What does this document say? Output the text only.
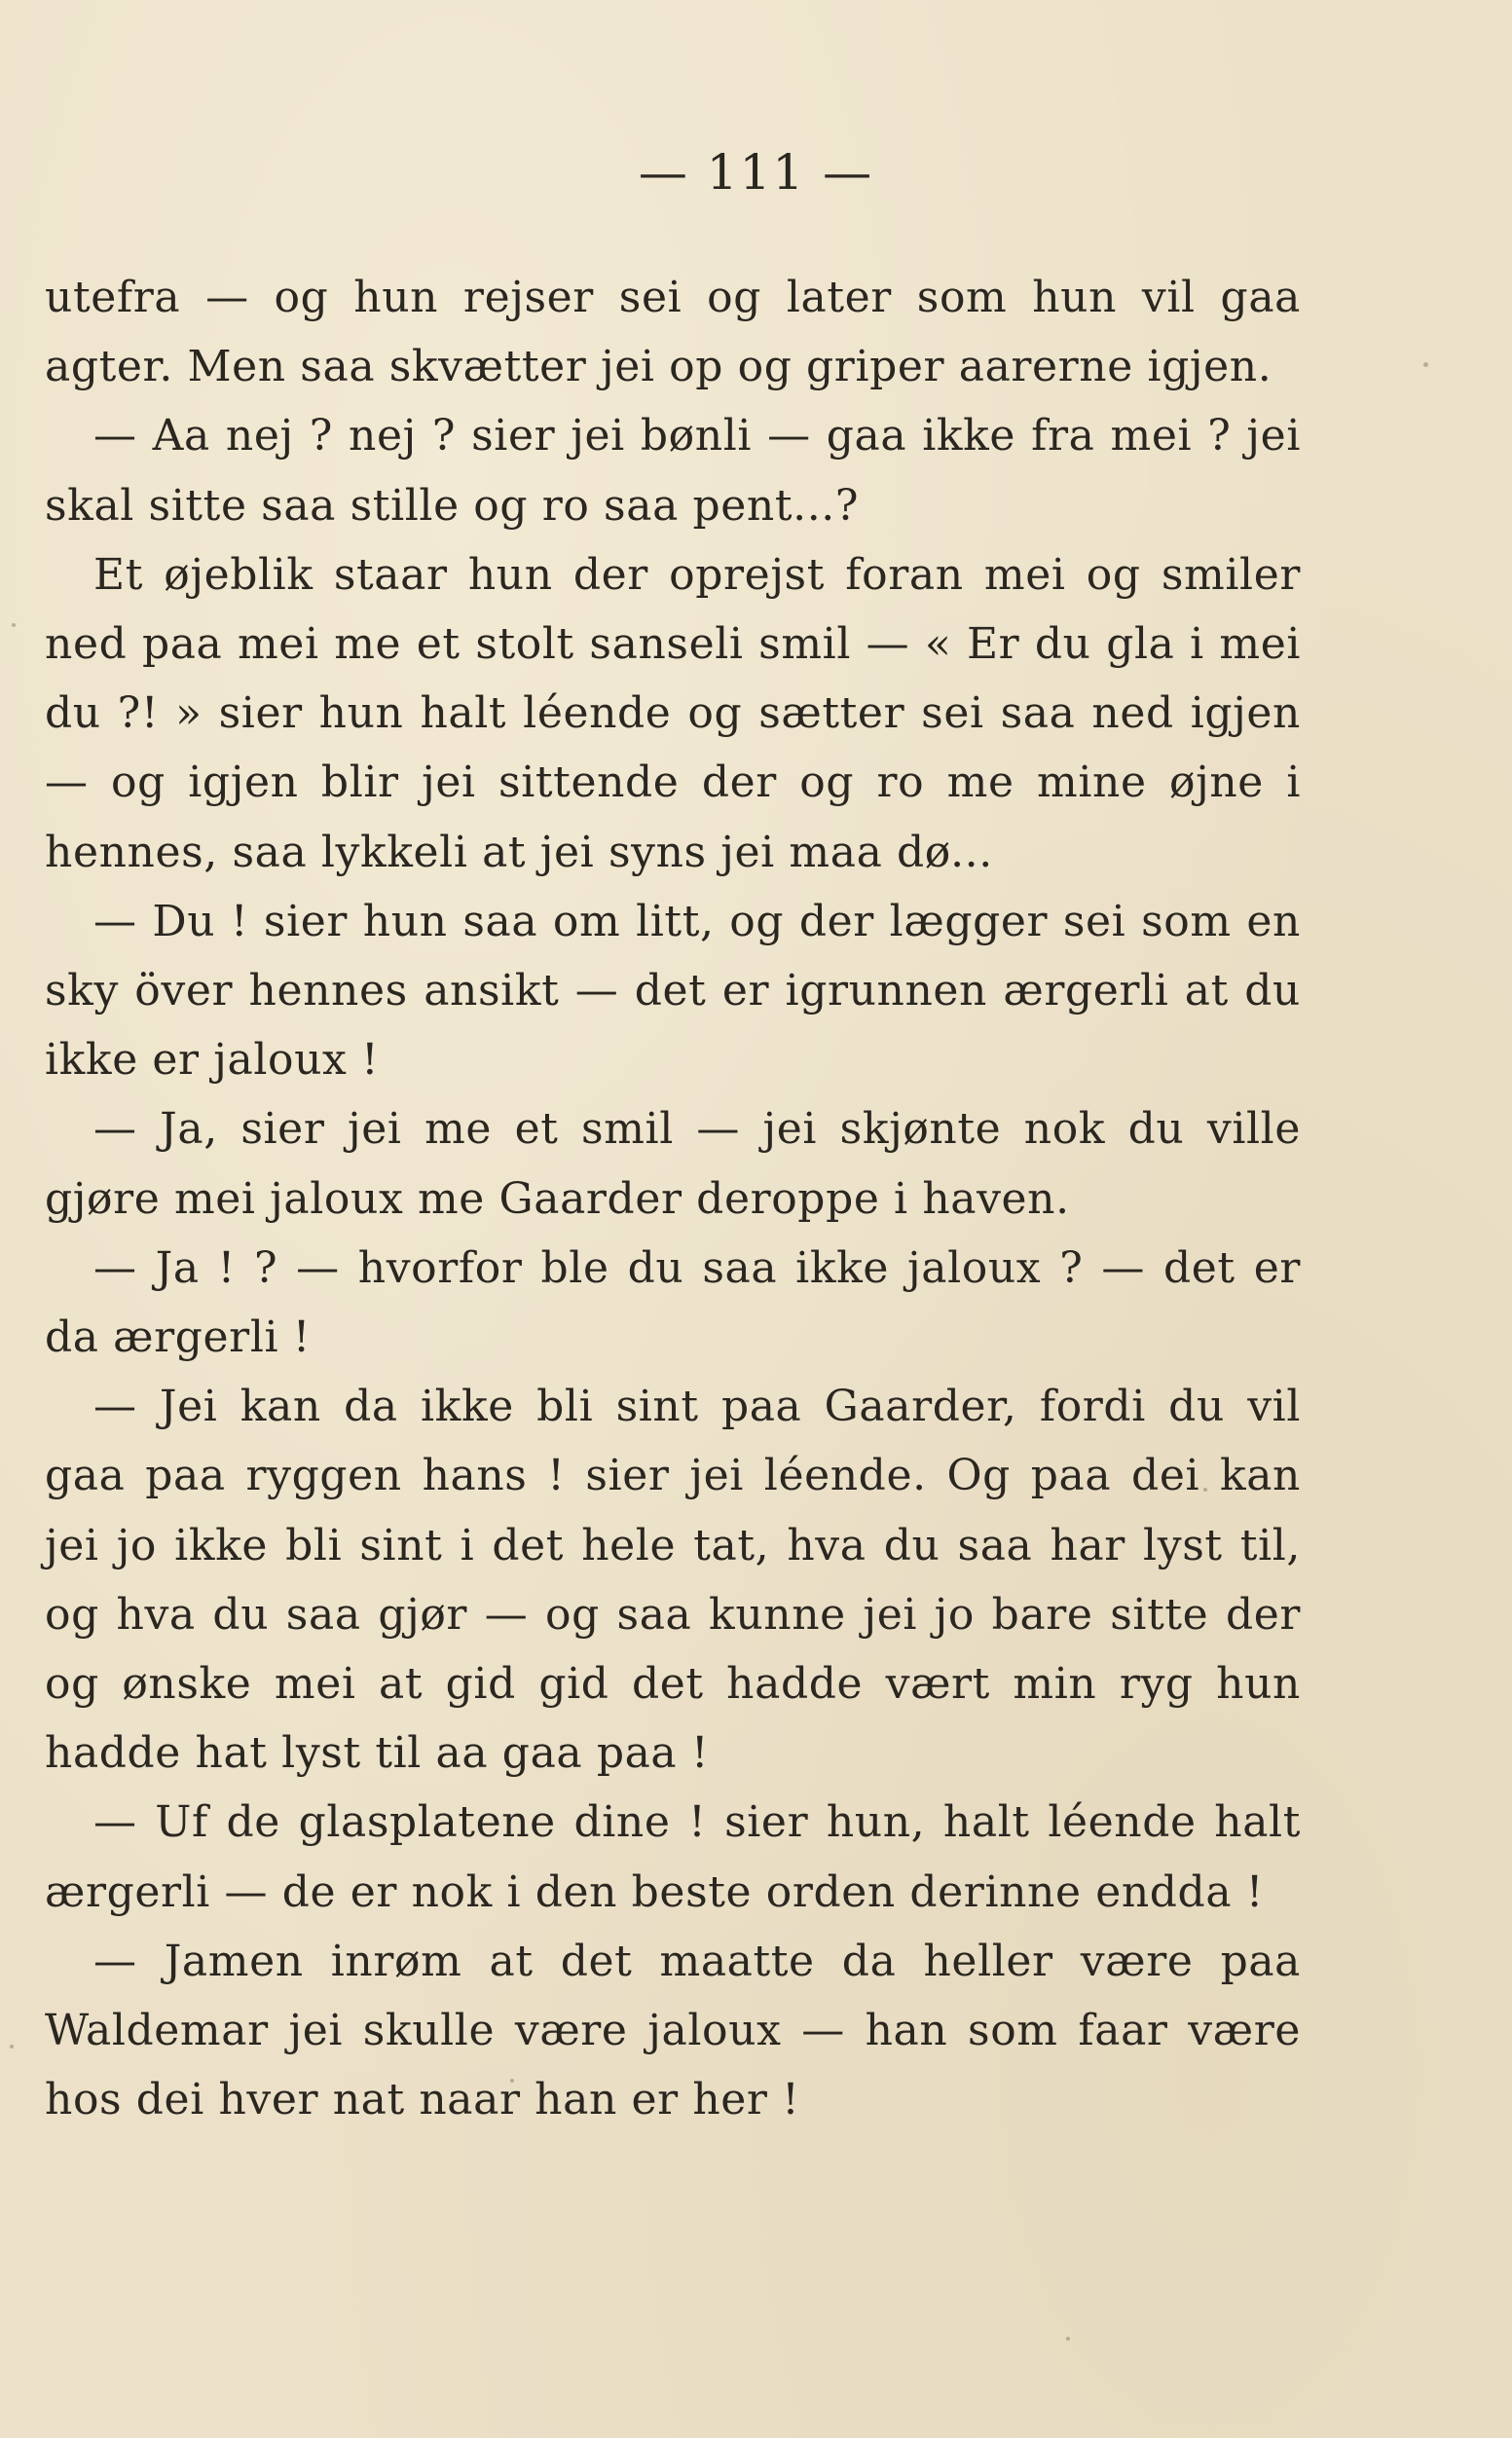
— 111 —

utefra — og hun rejser sei og later som hun vil gaa agter. Men saa skvætter jei op og griper aarerne igjen.

— Aa nej ? nej ? sier jei bønli — gaa ikke fra mei ? jei skal sitte saa stille og ro saa pent...?

Et øjeblik staar hun der oprejst foran mei og smiler ned paa mei me et stolt sanseli smil — « Er du gla i mei du ?! » sier hun halt léende og sætter sei saa ned igjen — og igjen blir jei sittende der og ro me mine øjne i hennes, saa lykkeli at jei syns jei maa dø...

— Du ! sier hun saa om litt, og der lægger sei som en sky över hennes ansikt — det er igrunnen ærgerli at du ikke er jaloux !

— Ja, sier jei me et smil — jei skjønte nok du ville gjøre mei jaloux me Gaarder deroppe i haven.

— Ja ! ? — hvorfor ble du saa ikke jaloux ? — det er da ærgerli !

— Jei kan da ikke bli sint paa Gaarder, fordi du vil gaa paa ryggen hans ! sier jei léende. Og paa dei kan jei jo ikke bli sint i det hele tat, hva du saa har lyst til, og hva du saa gjør — og saa kunne jei jo bare sitte der og ønske mei at gid gid det hadde vært min ryg hun hadde hat lyst til aa gaa paa !

— Uf de glasplatene dine ! sier hun, halt léende halt ærgerli — de er nok i den beste orden derinne endda !

— Jamen inrøm at det maatte da heller være paa Waldemar jei skulle være jaloux — han som faar være hos dei hver nat naar han er her !
